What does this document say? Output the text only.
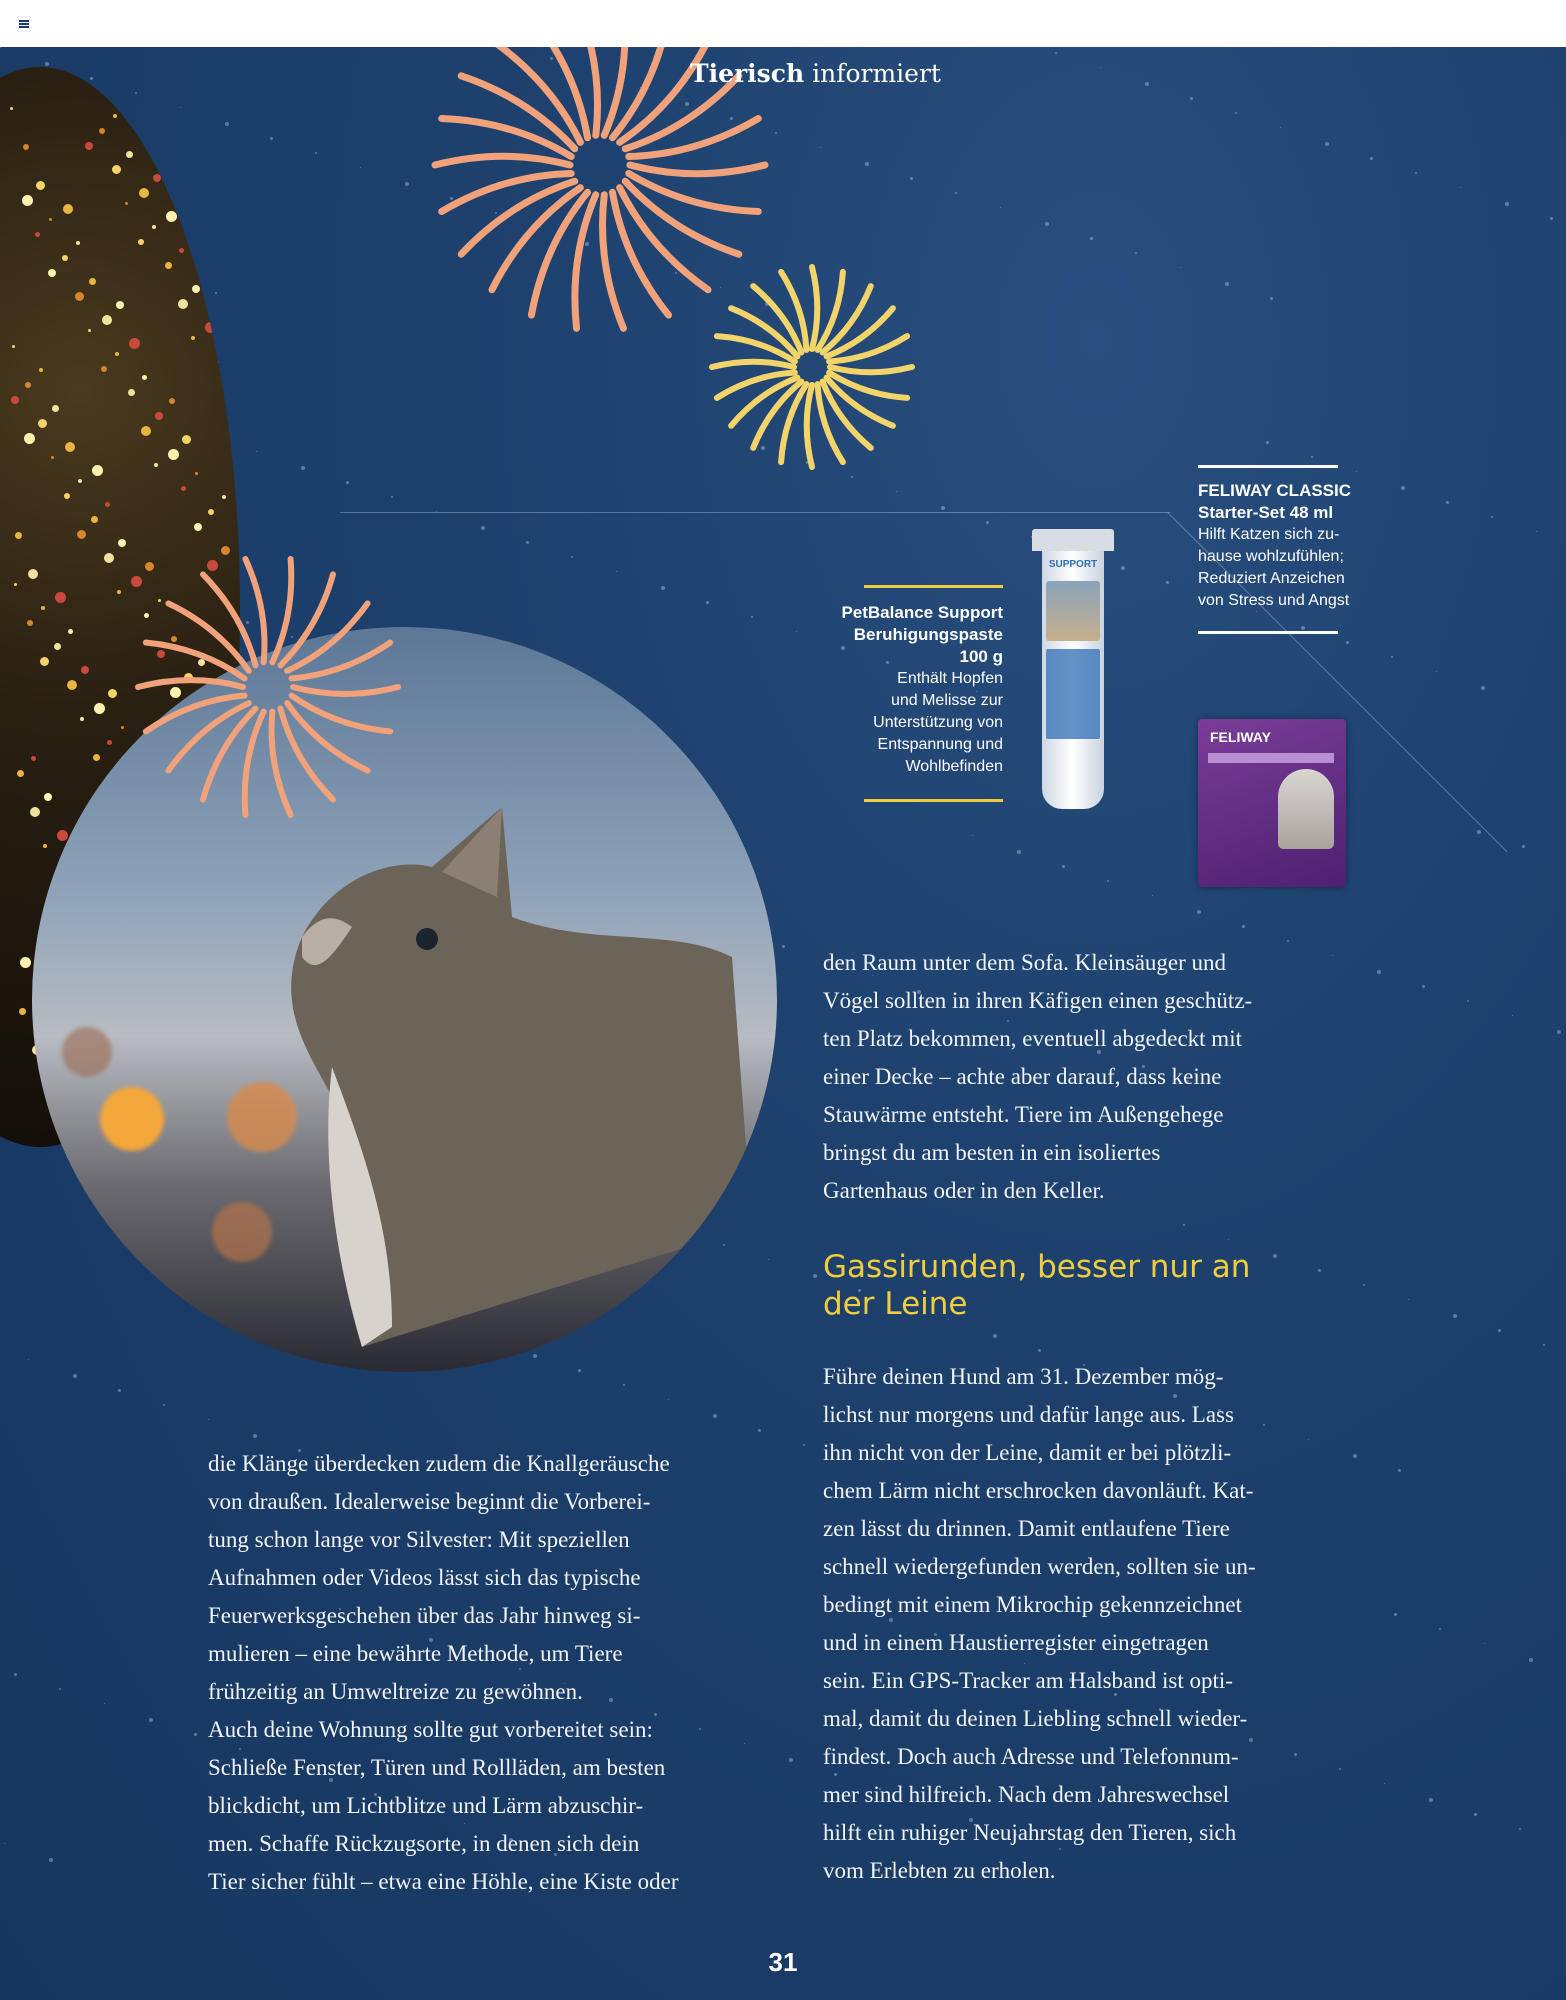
Tierisch informiert
PetBalance Support
Beruhigungspaste
100 g
Enthält Hopfen
und Melisse zur
Unterstützung von
Entspannung und
Wohlbefinden
SUPPORT
FELIWAY CLASSIC
Starter-Set 48 ml
Hilft Katzen sich zu-
hause wohlzufühlen;
Reduziert Anzeichen
von Stress und Angst
FELIWAY

den Raum unter dem Sofa. Kleinsäuger und

Vögel sollten in ihren Käfigen einen geschütz-

ten Platz bekommen, eventuell abgedeckt mit

einer Decke – achte aber darauf, dass keine

Stauwärme entsteht. Tiere im Außengehege

bringst du am besten in ein isoliertes

Gartenhaus oder in den Keller.

Gassirunden, besser nur an
der Leine

Führe deinen Hund am 31. Dezember mög-

lichst nur morgens und dafür lange aus. Lass

ihn nicht von der Leine, damit er bei plötzli-

chem Lärm nicht erschrocken davonläuft. Kat-

zen lässt du drinnen. Damit entlaufene Tiere

schnell wiedergefunden werden, sollten sie un-

bedingt mit einem Mikrochip gekennzeichnet

und in einem Haustierregister eingetragen

sein. Ein GPS-Tracker am Halsband ist opti-

mal, damit du deinen Liebling schnell wieder-

findest. Doch auch Adresse und Telefonnum-

mer sind hilfreich. Nach dem Jahreswechsel

hilft ein ruhiger Neujahrstag den Tieren, sich

vom Erlebten zu erholen.

die Klänge überdecken zudem die Knallgeräusche

von draußen. Idealerweise beginnt die Vorberei-

tung schon lange vor Silvester: Mit speziellen

Aufnahmen oder Videos lässt sich das typische

Feuerwerksgeschehen über das Jahr hinweg si-

mulieren – eine bewährte Methode, um Tiere

frühzeitig an Umweltreize zu gewöhnen.

Auch deine Wohnung sollte gut vorbereitet sein:

Schließe Fenster, Türen und Rollläden, am besten

blickdicht, um Lichtblitze und Lärm abzuschir-

men. Schaffe Rückzugsorte, in denen sich dein

Tier sicher fühlt – etwa eine Höhle, eine Kiste oder

31
